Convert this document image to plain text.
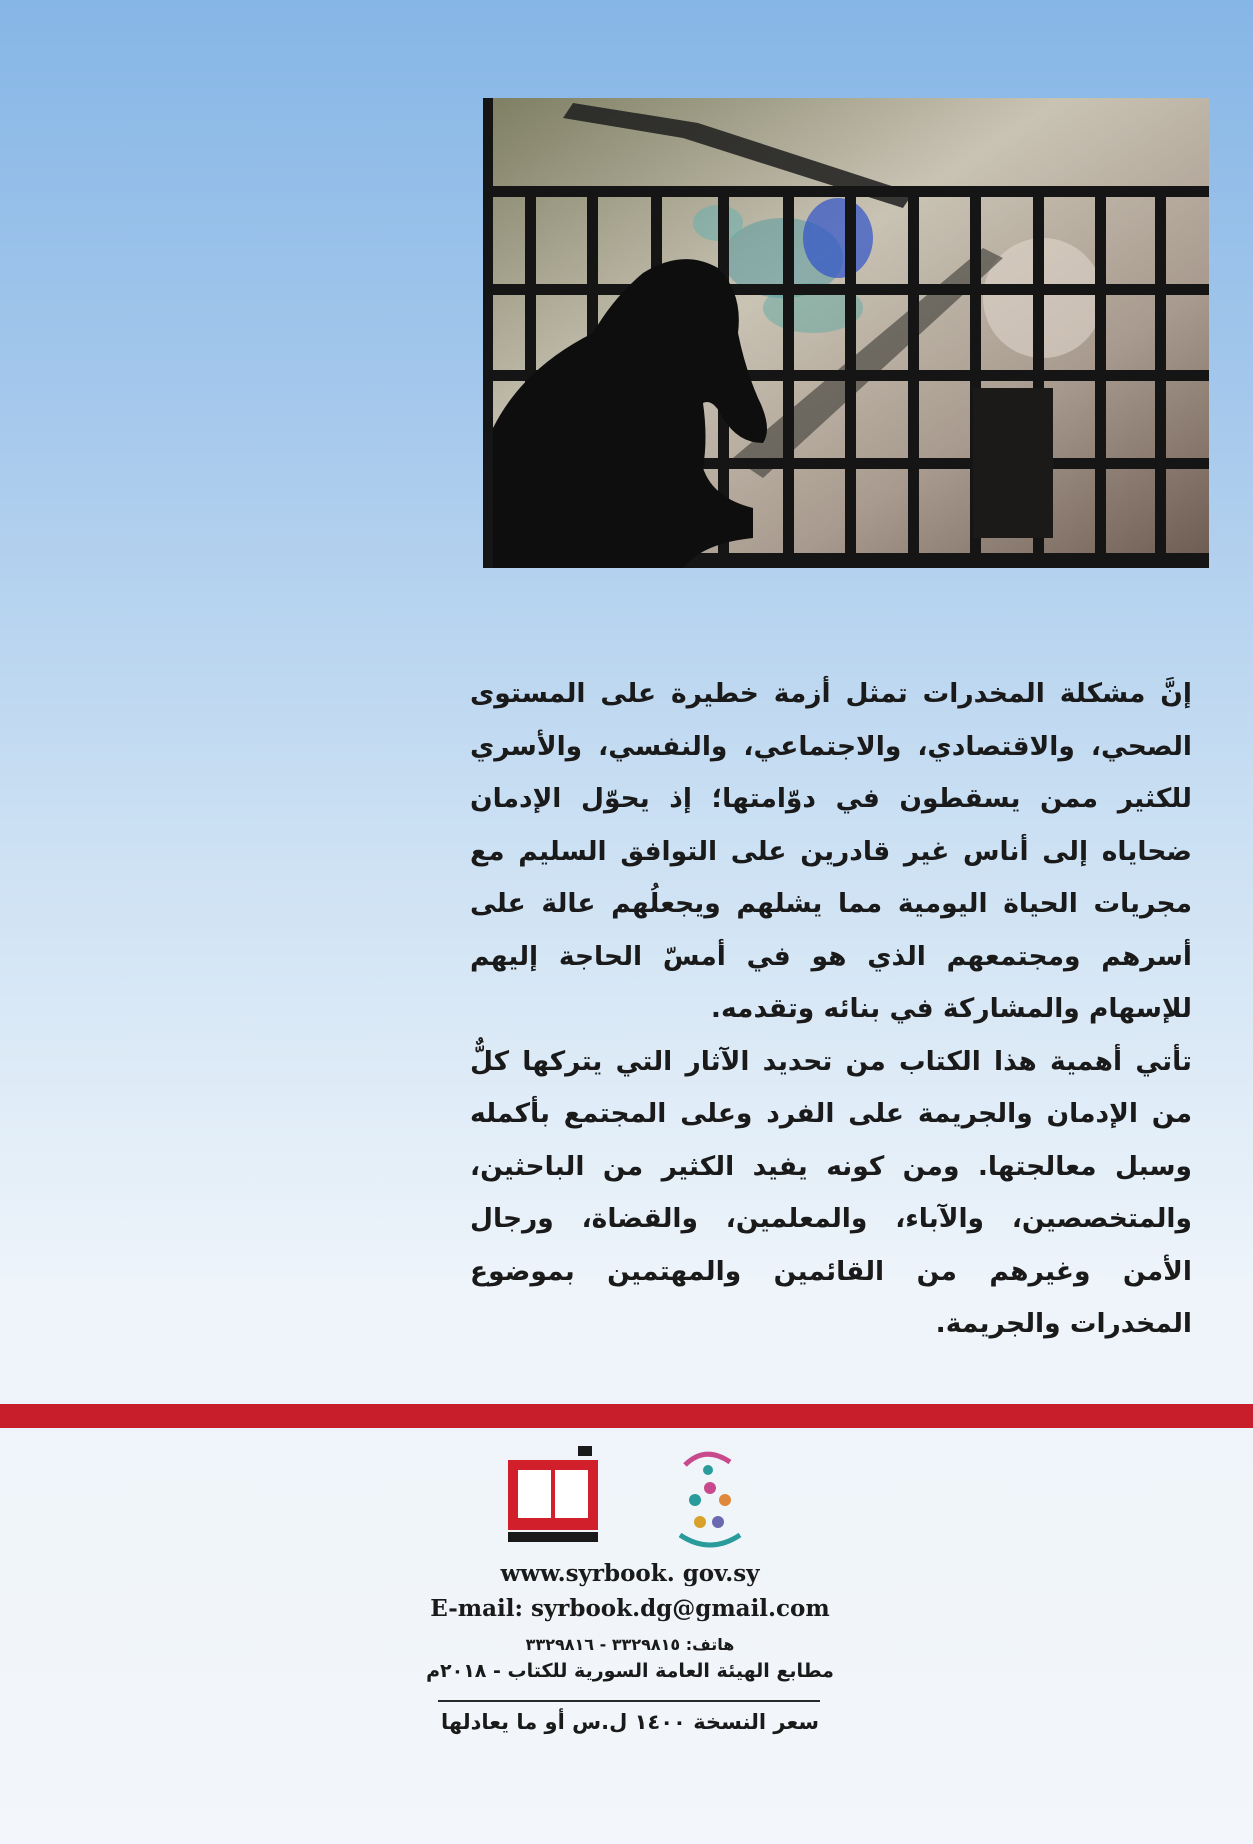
إنَّ مشكلة المخدرات تمثل أزمة خطيرة على المستوى الصحي، والاقتصادي، والاجتماعي، والنفسي، والأسري للكثير ممن يسقطون في دوّامتها؛ إذ يحوّل الإدمان ضحاياه إلى أناس غير قادرين على التوافق السليم مع مجريات الحياة اليومية مما يشلهم ويجعلُهم عالة على أسرهم ومجتمعهم الذي هو في أمسّ الحاجة إليهم للإسهام والمشاركة في بنائه وتقدمه.

تأتي أهمية هذا الكتاب من تحديد الآثار التي يتركها كلٌّ من الإدمان والجريمة على الفرد وعلى المجتمع بأكمله وسبل معالجتها. ومن كونه يفيد الكثير من الباحثين، والمتخصصين، والآباء، والمعلمين، والقضاة، ورجال الأمن وغيرهم من القائمين والمهتمين بموضوع المخدرات والجريمة.

www.syrbook. gov.sy
E-mail: syrbook.dg@gmail.com
هاتف: ٣٣٢٩٨١٥ - ٣٣٢٩٨١٦
مطابع الهيئة العامة السورية للكتاب - ٢٠١٨م
سعر النسخة ١٤٠٠ ل.س أو ما يعادلها
